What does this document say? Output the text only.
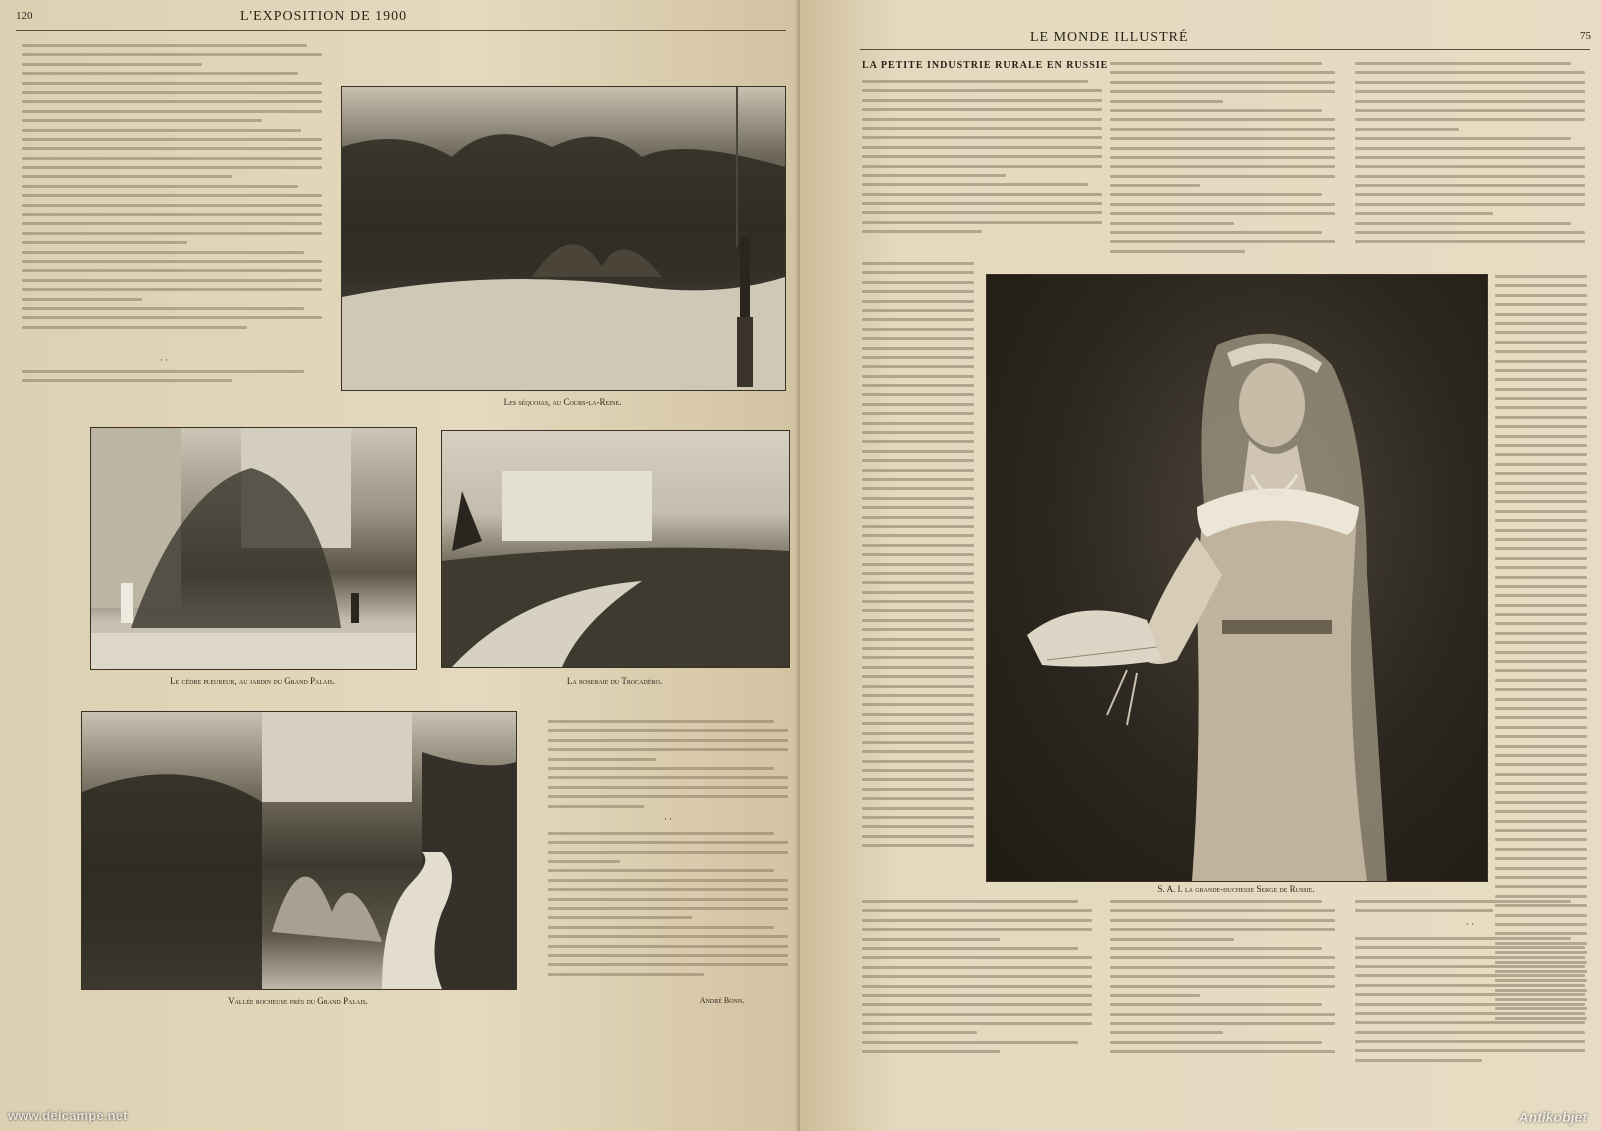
120	L'EXPOSITION DE 1900
· ·
Les séquoias, au Cours-la-Reine.
Le cèdre pleureur, au jardin du Grand Palais.	La roseraie du Trocadéro.
Vallée rocheuse près du Grand Palais.
· ·
André Bonn.
LE MONDE ILLUSTRÉ	75
LA PETITE INDUSTRIE RURALE EN RUSSIE
S. A. I. la grande-duchesse Serge de Russie.
· ·
www.delcampe.net	Antikobjet
